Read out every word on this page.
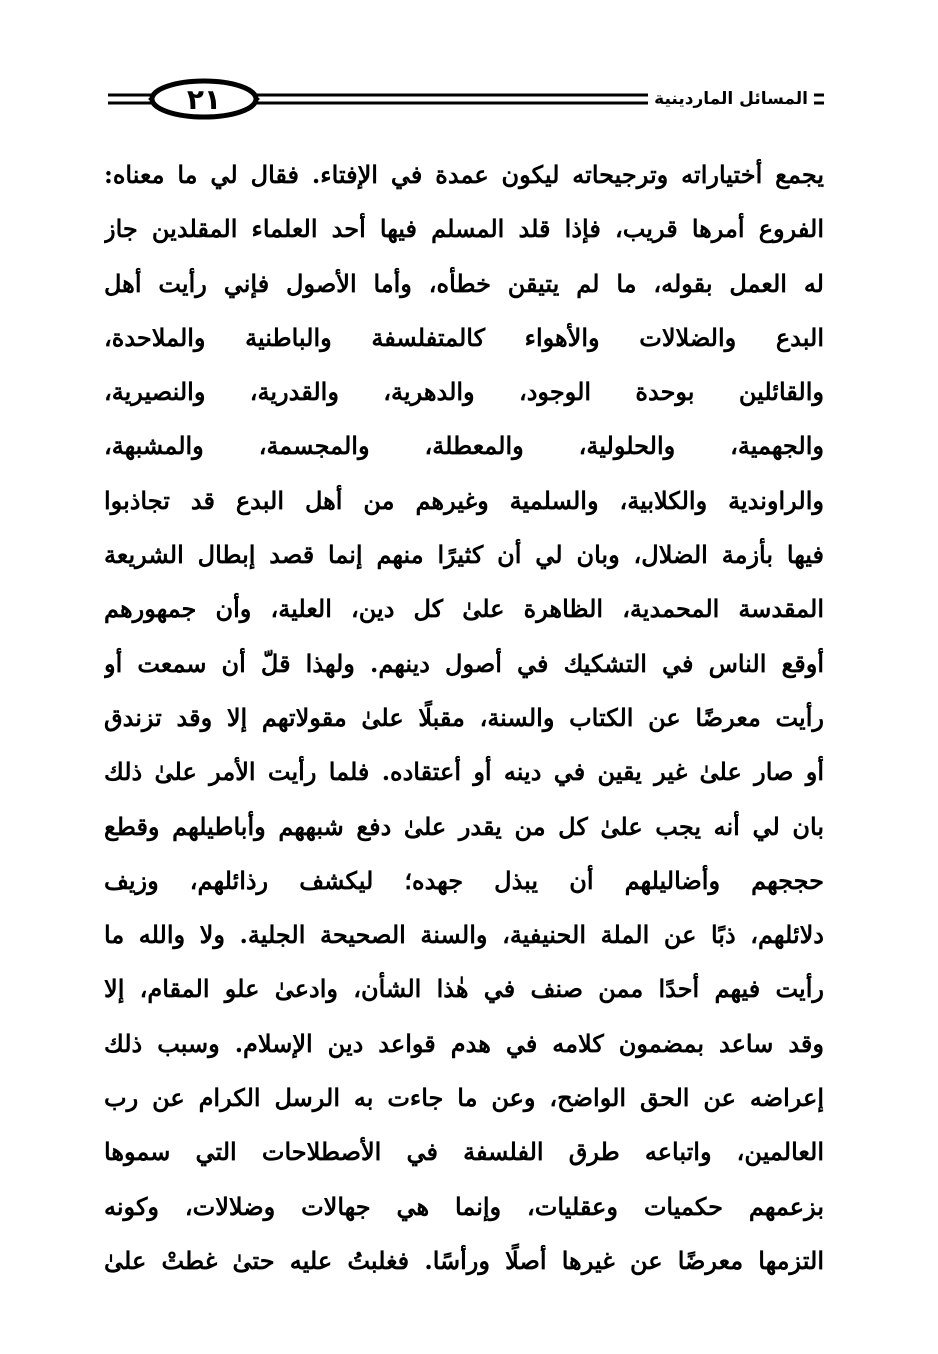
٢١	المسائل الماردينية
يجمع أختياراته وترجيحاته ليكون عمدة في الإفتاء. فقال لي ما معناه:
الفروع أمرها قريب، فإذا قلد المسلم فيها أحد العلماء المقلدين جاز
له العمل بقوله، ما لم يتيقن خطأه، وأما الأصول فإني رأيت أهل
البدع والضلالات والأهواء كالمتفلسفة والباطنية والملاحدة،
والقائلين بوحدة الوجود، والدهرية، والقدرية، والنصيرية،
والجهمية، والحلولية، والمعطلة، والمجسمة، والمشبهة،
والراوندية والكلابية، والسلمية وغيرهم من أهل البدع قد تجاذبوا
فيها بأزمة الضلال، وبان لي أن كثيرًا منهم إنما قصد إبطال الشريعة
المقدسة المحمدية، الظاهرة علىٰ كل دين، العلية، وأن جمهورهم
أوقع الناس في التشكيك في أصول دينهم. ولهذا قلّ أن سمعت أو
رأيت معرضًا عن الكتاب والسنة، مقبلًا علىٰ مقولاتهم إلا وقد تزندق
أو صار علىٰ غير يقين في دينه أو أعتقاده. فلما رأيت الأمر علىٰ ذلك
بان لي أنه يجب علىٰ كل من يقدر علىٰ دفع شبههم وأباطيلهم وقطع
حججهم وأضاليلهم أن يبذل جهده؛ ليكشف رذائلهم، وزيف
دلائلهم، ذبًا عن الملة الحنيفية، والسنة الصحيحة الجلية. ولا والله ما
رأيت فيهم أحدًا ممن صنف في هٰذا الشأن، وادعىٰ علو المقام، إلا
وقد ساعد بمضمون كلامه في هدم قواعد دين الإسلام. وسبب ذلك
إعراضه عن الحق الواضح، وعن ما جاءت به الرسل الكرام عن رب
العالمين، واتباعه طرق الفلسفة في الأصطلاحات التي سموها
بزعمهم حكميات وعقليات، وإنما هي جهالات وضلالات، وكونه
التزمها معرضًا عن غيرها أصلًا ورأسًا. فغلبتُ عليه حتىٰ غطتْ علىٰ
